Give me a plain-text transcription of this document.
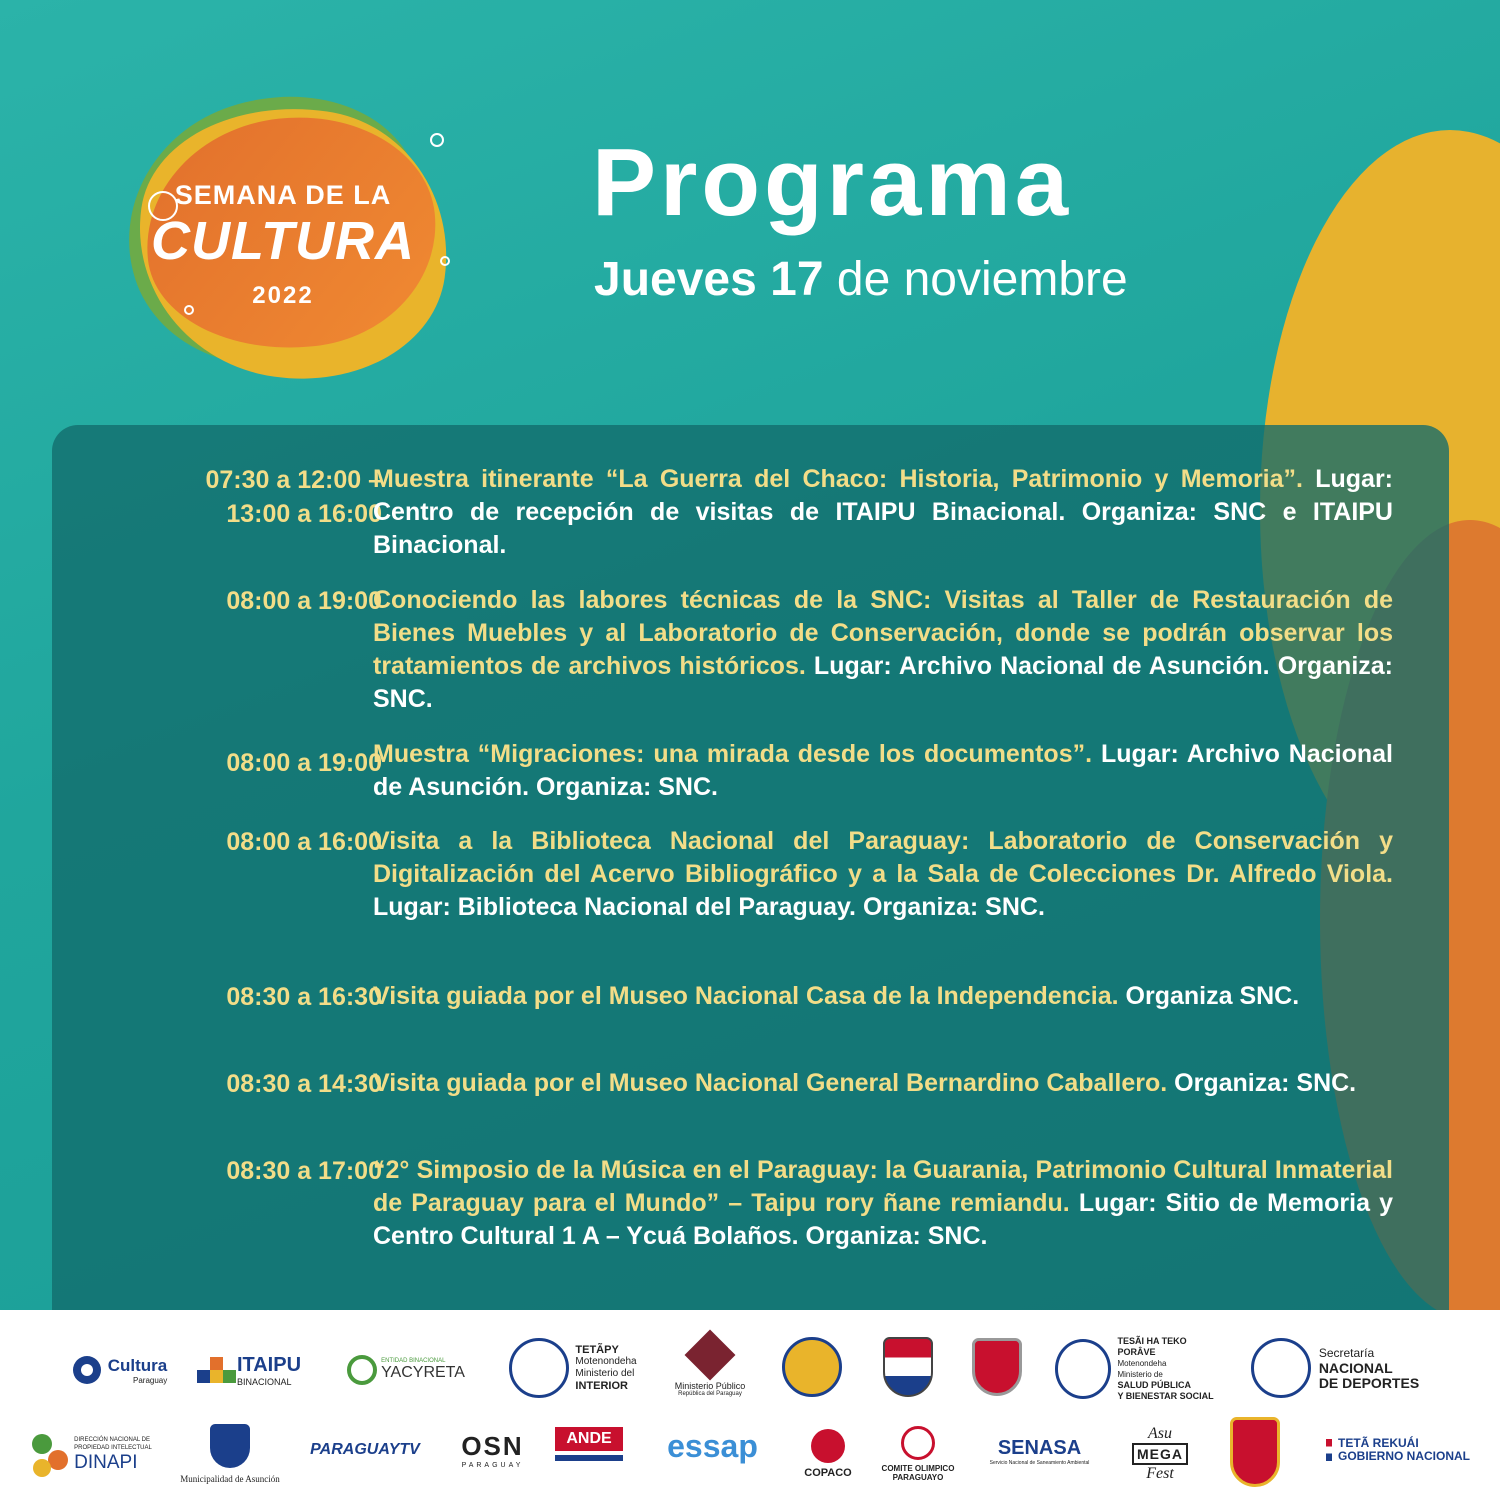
SEMANA DE LA
CULTURA
2022
Programa
Jueves 17 de noviembre
07:30 a 12:00 –
13:00 a 16:00
Muestra itinerante “La Guerra del Chaco: Historia, Patrimonio y Memoria”. Lugar: Centro de recepción de visitas de ITAIPU Binacional. Organiza: SNC e ITAIPU Binacional.
08:00 a 19:00
Conociendo las labores técnicas de la SNC: Visitas al Taller de Restauración de Bienes Muebles y al Laboratorio de Conservación, donde se podrán observar los tratamientos de archivos históricos. Lugar: Archivo Nacional de Asunción. Organiza: SNC.
08:00 a 19:00
Muestra “Migraciones: una mirada desde los documentos”. Lugar: Archivo Nacional de Asunción. Organiza: SNC.
08:00 a 16:00
Visita a la Biblioteca Nacional del Paraguay: Laboratorio de Conservación y Digitalización del Acervo Bibliográfico y a la Sala de Colecciones Dr. Alfredo Viola. Lugar: Biblioteca Nacional del Paraguay. Organiza: SNC.
08:30 a 16:30
Visita guiada por el Museo Nacional Casa de la Independencia. Organiza SNC.
08:30 a 14:30
Visita guiada por el Museo Nacional General Bernardino Caballero. Organiza: SNC.
08:30 a 17:00
“2° Simposio de la Música en el Paraguay: la Guarania, Patrimonio Cultural Inmaterial de Paraguay para el Mundo” – Taipu rory ñane remiandu. Lugar: Sitio de Memoria y Centro Cultural 1 A – Ycuá Bolaños. Organiza: SNC.
Cultura
Paraguay
ITAIPU
BINACIONAL
ENTIDAD BINACIONAL
YACYRETA
TETÃPY
Motenondeha
Ministerio del
INTERIOR	Ministerio Público
República del Paraguay
TESÃI HA TEKO PORÂVE
Motenondeha
Ministerio de
SALUD PÚBLICA
Y BIENESTAR SOCIAL
Secretaría
NACIONAL
DE DEPORTES
DIRECCIÓN NACIONAL DE
PROPIEDAD INTELECTUAL
DINAPI
Municipalidad de Asunción
PARAGUAYTV	OSN
PARAGUAY
ANDE	essap
COPACO	COMITE OLIMPICO
PARAGUAYO
SENASA
Servicio Nacional de Saneamiento Ambiental
Asu
MEGA
Fest
TETÃ REKUÁI
GOBIERNO NACIONAL
